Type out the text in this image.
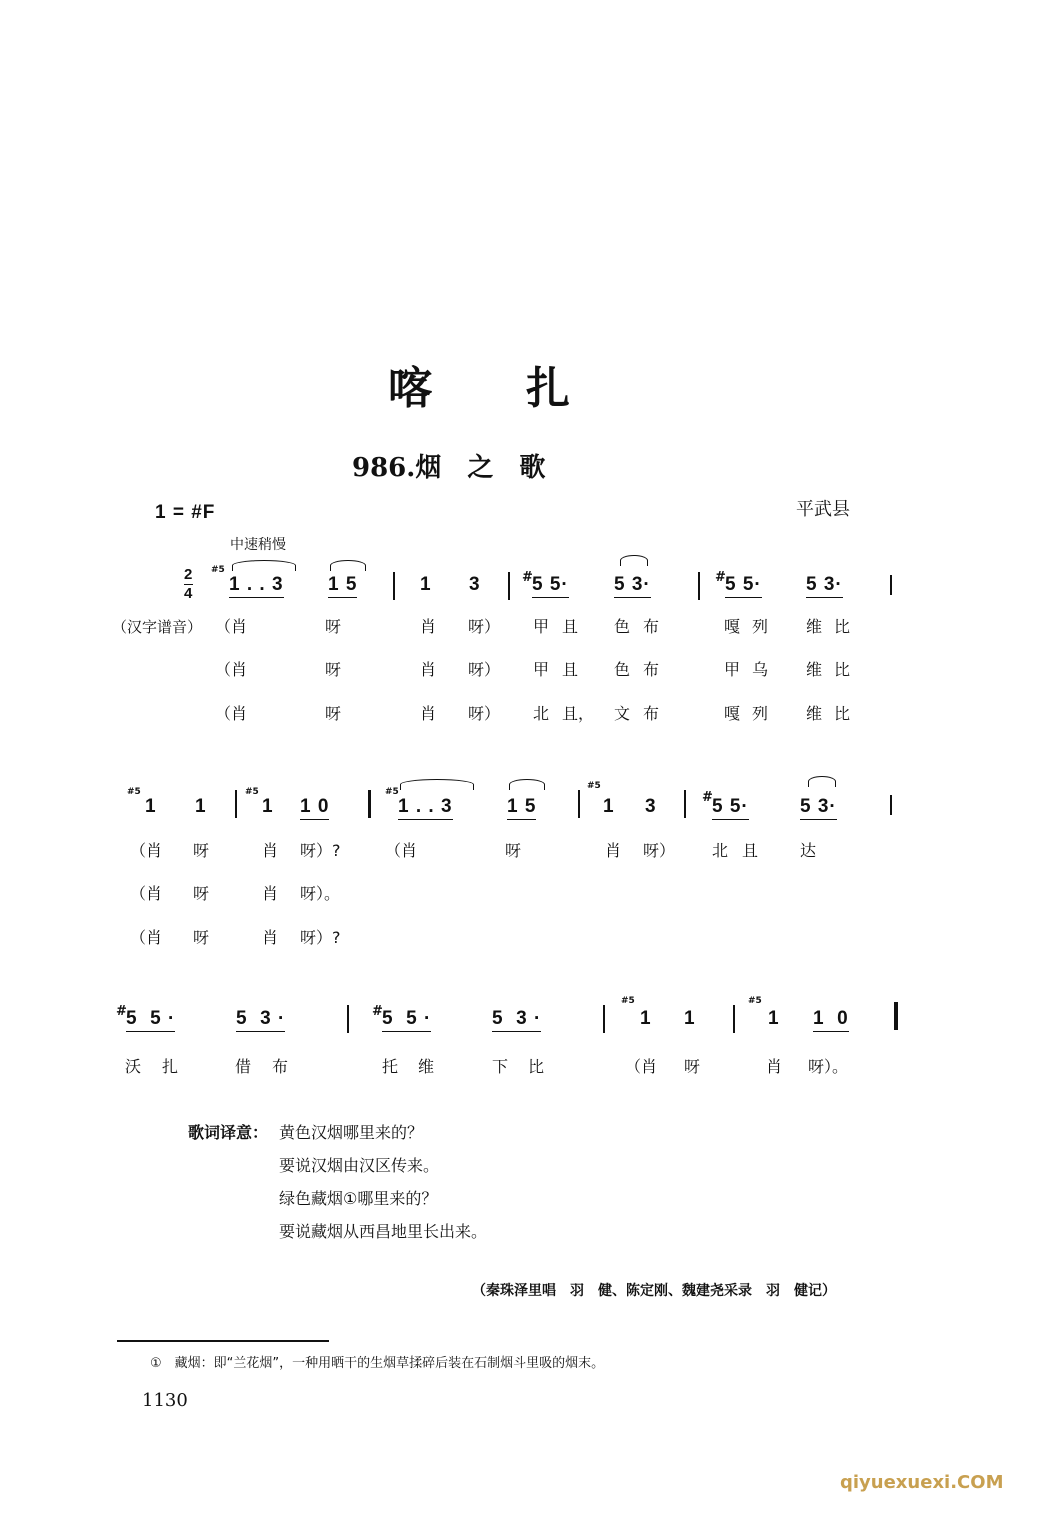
喀　　扎
986.烟　之　歌
1 = #F	平武县
中速稍慢
2
4
#5
1 . . 3 1 5	1 3	# 5 5· 5 3·	# 5 5· 5 3·
（汉字谱音）
#5
1 1
#5
1 1 0
#5
1 . . 3	1 5
#5
1 3	# 5 5·	5 3·
# 5  5 ·	5  3 ·	# 5  5 ·	5  3 ·
#5
1 1
#5
1 1  0
（肖	呀	肖 呀） 甲 且 色 布	嘎 列 维 比
（肖	呀	肖 呀） 甲 且 色 布	甲 乌 维 比
（肖	呀	肖 呀） 北 且， 文 布	嘎 列 维 比
（肖 呀	肖 呀）?	（肖	呀	肖 呀） 北 且	达
（肖 呀	肖 呀）。
（肖 呀	肖 呀）?
沃 扎	借 布	托 维	下 比	（肖 呀	肖 呀）。
歌词译意： 黄色汉烟哪里来的？
要说汉烟由汉区传来。
绿色藏烟①哪里来的？
要说藏烟从西昌地里长出来。
（秦珠泽里唱　羽　健、陈定刚、魏建尧采录　羽　健记）
①　藏烟：即“兰花烟”，一种用晒干的生烟草揉碎后装在石制烟斗里吸的烟末。
1130
qiyuexuexi.COM
